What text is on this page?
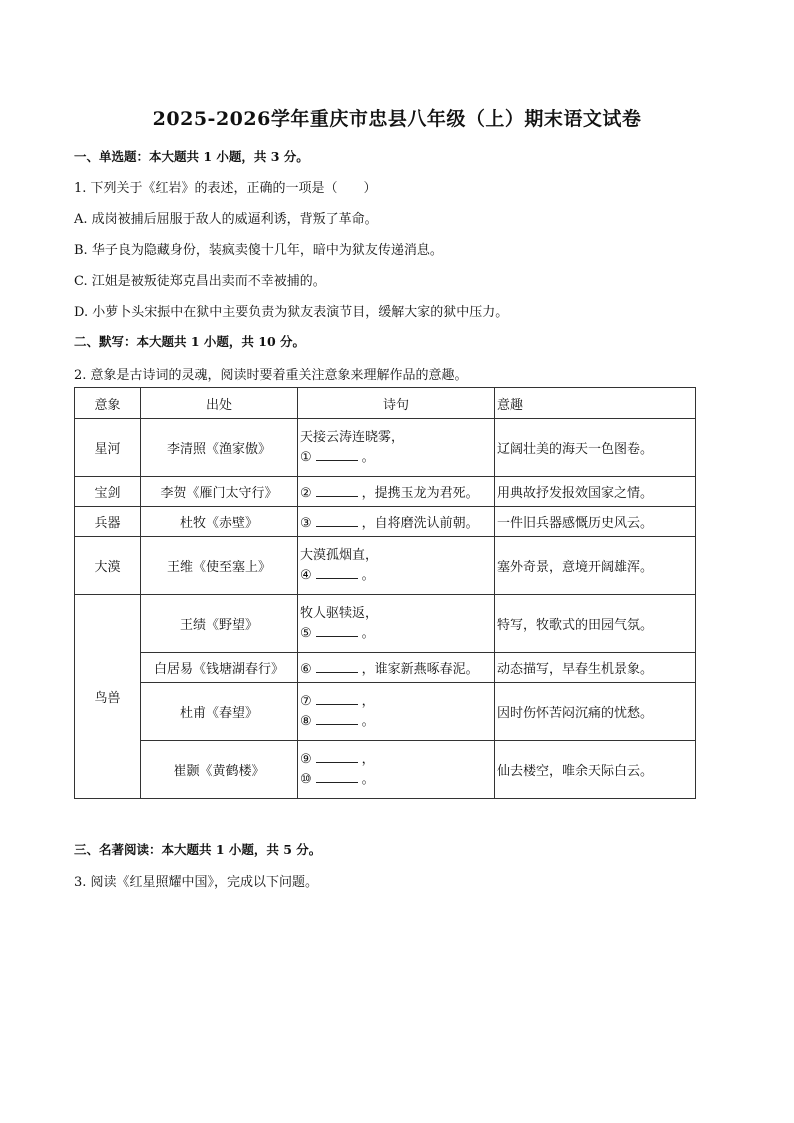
2025-2026学年重庆市忠县八年级（上）期末语文试卷
一、单选题：本大题共 1 小题，共 3 分。
1. 下列关于《红岩》的表述，正确的一项是（　　）
A. 成岗被捕后屈服于敌人的威逼利诱，背叛了革命。
B. 华子良为隐藏身份，装疯卖傻十几年，暗中为狱友传递消息。
C. 江姐是被叛徒郑克昌出卖而不幸被捕的。
D. 小萝卜头宋振中在狱中主要负责为狱友表演节目，缓解大家的狱中压力。
二、默写：本大题共 1 小题，共 10 分。
2. 意象是古诗词的灵魂，阅读时要着重关注意象来理解作品的意趣。
意象	出处	诗句	意趣
星河	李清照《渔家傲》	天接云涛连晓雾，
① 。	辽阔壮美的海天一色图卷。
宝剑	李贺《雁门太守行》	② ，提携玉龙为君死。	用典故抒发报效国家之情。
兵器	杜牧《赤壁》	③ ，自将磨洗认前朝。	一件旧兵器感慨历史风云。
大漠	王维《使至塞上》	大漠孤烟直，
④ 。	塞外奇景，意境开阔雄浑。
鸟兽	王绩《野望》	牧人驱犊返，
⑤ 。	特写，牧歌式的田园气氛。
	白居易《钱塘湖春行》	⑥ ，谁家新燕啄春泥。	动态描写，早春生机景象。
	杜甫《春望》	⑦ ，
⑧ 。	因时伤怀苦闷沉痛的忧愁。
	崔颢《黄鹤楼》	⑨ ，
⑩ 。	仙去楼空，唯余天际白云。
三、名著阅读：本大题共 1 小题，共 5 分。
3. 阅读《红星照耀中国》，完成以下问题。
